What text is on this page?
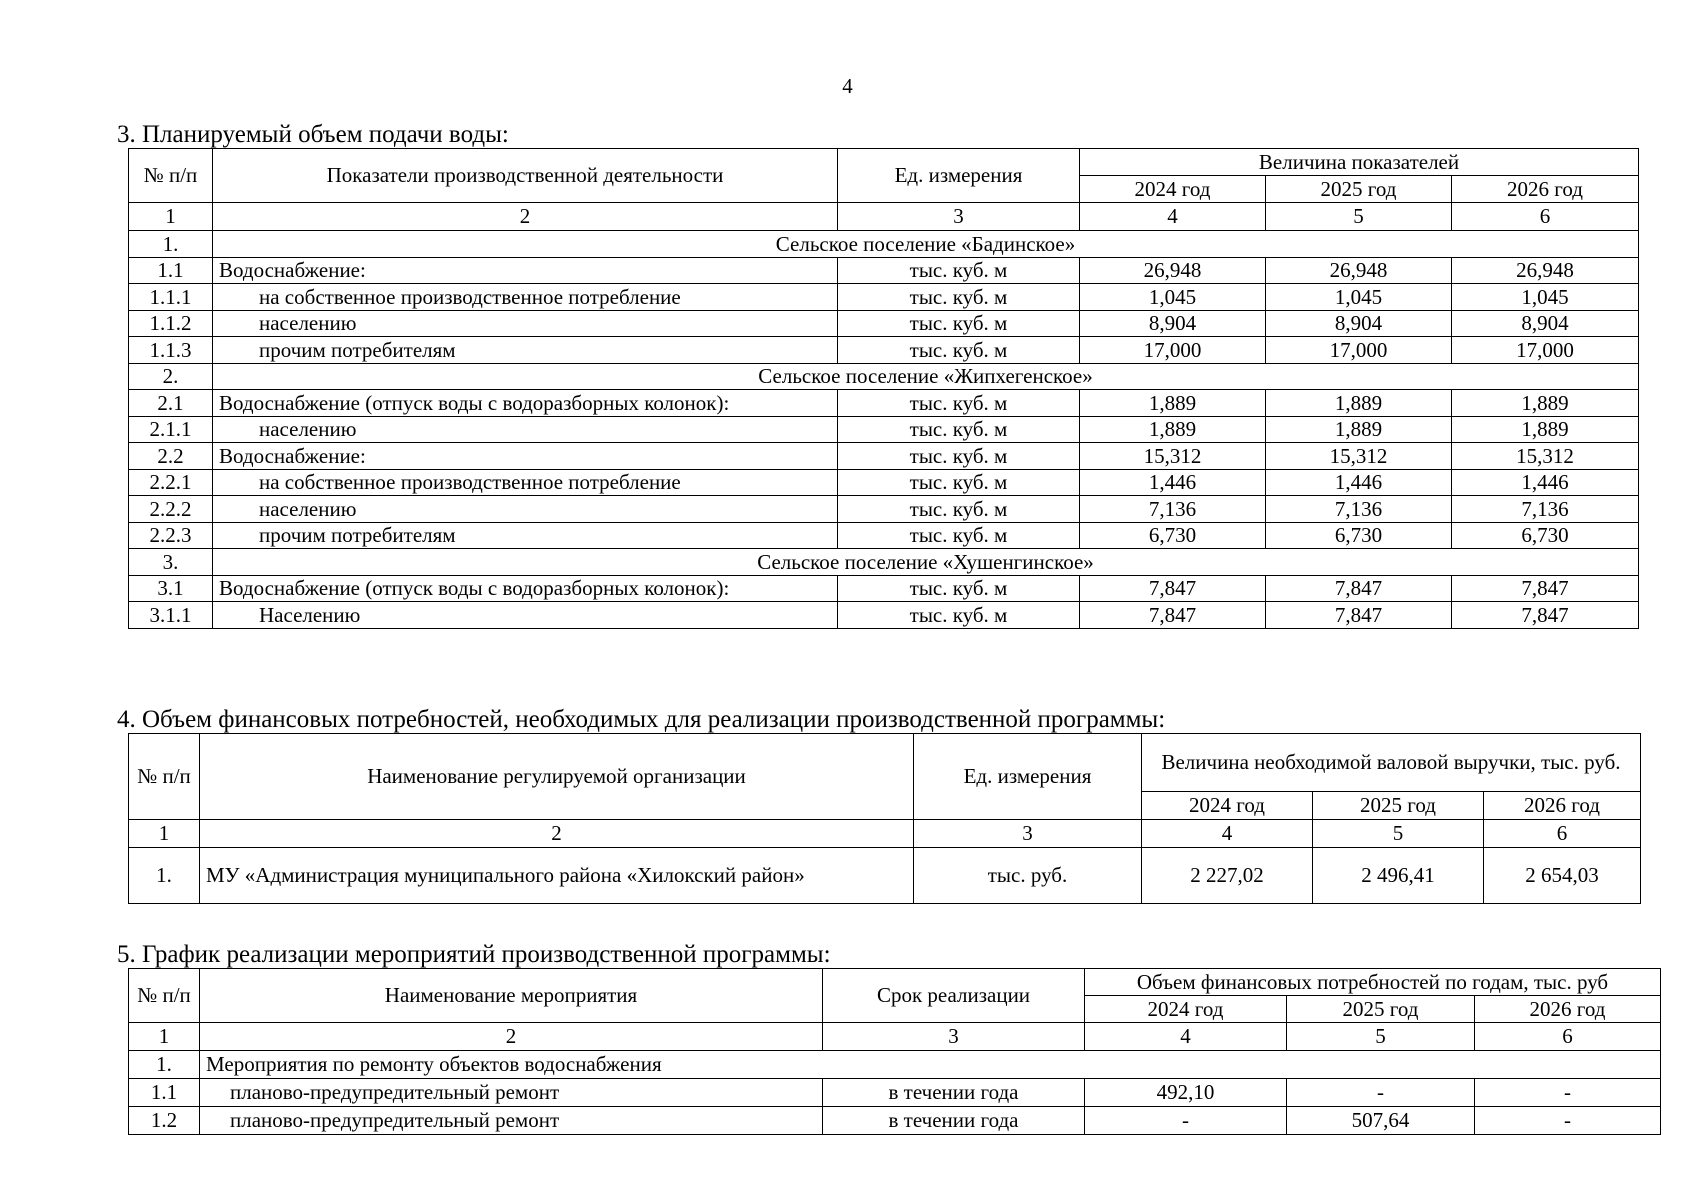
4
3. Планируемый объем подачи воды:
№ п/п	Показатели производственной деятельности	Ед. измерения	Величина показателей		
			2024 год	2025 год	2026 год
1	2	3	4	5	6
1.	Сельское поселение «Бадинское»				
1.1	Водоснабжение:	тыс. куб. м	26,948	26,948	26,948
1.1.1	на собственное производственное потребление	тыс. куб. м	1,045	1,045	1,045
1.1.2	населению	тыс. куб. м	8,904	8,904	8,904
1.1.3	прочим потребителям	тыс. куб. м	17,000	17,000	17,000
2.	Сельское поселение «Жипхегенское»				
2.1	Водоснабжение (отпуск воды с водоразборных колонок):	тыс. куб. м	1,889	1,889	1,889
2.1.1	населению	тыс. куб. м	1,889	1,889	1,889
2.2	Водоснабжение:	тыс. куб. м	15,312	15,312	15,312
2.2.1	на собственное производственное потребление	тыс. куб. м	1,446	1,446	1,446
2.2.2	населению	тыс. куб. м	7,136	7,136	7,136
2.2.3	прочим потребителям	тыс. куб. м	6,730	6,730	6,730
3.	Сельское поселение «Хушенгинское»				
3.1	Водоснабжение (отпуск воды с водоразборных колонок):	тыс. куб. м	7,847	7,847	7,847
3.1.1	Населению	тыс. куб. м	7,847	7,847	7,847
4. Объем финансовых потребностей, необходимых для реализации производственной программы:
№ п/п	Наименование регулируемой организации	Ед. измерения	Величина необходимой валовой выручки, тыс. руб.		
			2024 год	2025 год	2026 год
1	2	3	4	5	6
1.	МУ «Администрация муниципального района «Хилокский район»	тыс. руб.	2 227,02	2 496,41	2 654,03
5. График реализации мероприятий производственной программы:
№ п/п	Наименование мероприятия	Срок реализации	Объем финансовых потребностей по годам, тыс. руб		
			2024 год	2025 год	2026 год
1	2	3	4	5	6
1.	Мероприятия по ремонту объектов водоснабжения				
1.1	планово-предупредительный ремонт	в течении года	492,10	-	-
1.2	планово-предупредительный ремонт	в течении года	-	507,64	-
